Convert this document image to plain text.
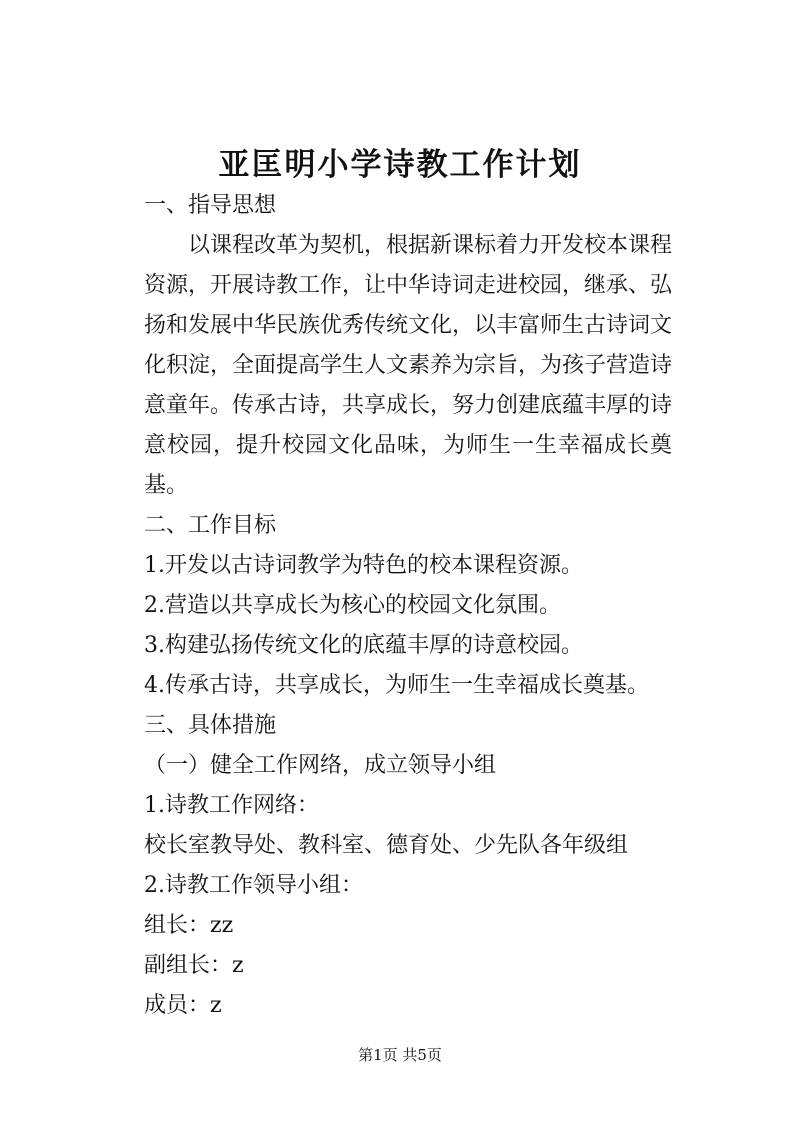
亚匡明小学诗教工作计划

一、指导思想

以课程改革为契机，根据新课标着力开发校本课程资源，开展诗教工作，让中华诗词走进校园，继承、弘扬和发展中华民族优秀传统文化，以丰富师生古诗词文化积淀，全面提高学生人文素养为宗旨，为孩子营造诗意童年。传承古诗，共享成长，努力创建底蕴丰厚的诗意校园，提升校园文化品味，为师生一生幸福成长奠基。

二、工作目标

1.开发以古诗词教学为特色的校本课程资源。

2.营造以共享成长为核心的校园文化氛围。

3.构建弘扬传统文化的底蕴丰厚的诗意校园。

4.传承古诗，共享成长，为师生一生幸福成长奠基。

三、具体措施

（一）健全工作网络，成立领导小组

1.诗教工作网络：

校长室教导处、教科室、德育处、少先队各年级组

2.诗教工作领导小组：

组长：zz

副组长：z

成员：z

第1页 共5页
